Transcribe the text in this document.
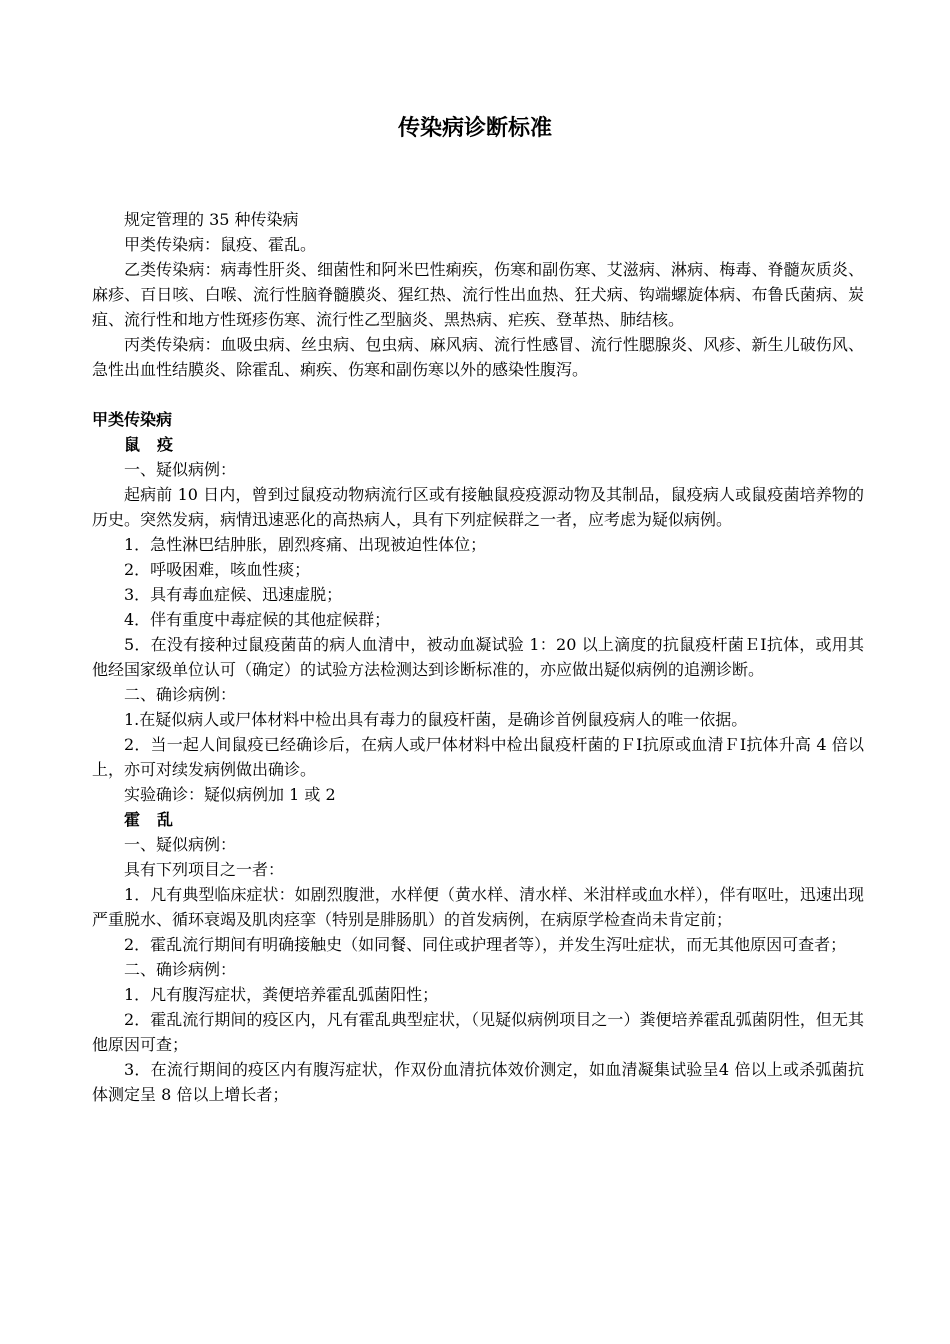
传染病诊断标准

规定管理的 35 种传染病

甲类传染病：鼠疫、霍乱。

乙类传染病：病毒性肝炎、细菌性和阿米巴性痢疾，伤寒和副伤寒、艾滋病、淋病、梅毒、脊髓灰质炎、麻疹、百日咳、白喉、流行性脑脊髓膜炎、猩红热、流行性出血热、狂犬病、钩端螺旋体病、布鲁氏菌病、炭疽、流行性和地方性斑疹伤寒、流行性乙型脑炎、黑热病、疟疾、登革热、肺结核。

丙类传染病：血吸虫病、丝虫病、包虫病、麻风病、流行性感冒、流行性腮腺炎、风疹、新生儿破伤风、急性出血性结膜炎、除霍乱、痢疾、伤寒和副伤寒以外的感染性腹泻。

甲类传染病

鼠　疫

一、疑似病例：

起病前 10 日内，曾到过鼠疫动物病流行区或有接触鼠疫疫源动物及其制品，鼠疫病人或鼠疫菌培养物的历史。突然发病，病情迅速恶化的高热病人，具有下列症候群之一者，应考虑为疑似病例。

1．急性淋巴结肿胀，剧烈疼痛、出现被迫性体位；

2．呼吸困难，咳血性痰；

3．具有毒血症候、迅速虚脱；

4．伴有重度中毒症候的其他症候群；

5．在没有接种过鼠疫菌苗的病人血清中，被动血凝试验 1：20 以上滴度的抗鼠疫杆菌ＥⅠ抗体，或用其他经国家级单位认可（确定）的试验方法检测达到诊断标准的，亦应做出疑似病例的追溯诊断。

二、确诊病例：

1.在疑似病人或尸体材料中检出具有毒力的鼠疫杆菌，是确诊首例鼠疫病人的唯一依据。

2．当一起人间鼠疫已经确诊后，在病人或尸体材料中检出鼠疫杆菌的ＦⅠ抗原或血清ＦⅠ抗体升高 4 倍以上，亦可对续发病例做出确诊。

实验确诊：疑似病例加 1 或 2

霍　乱

一、疑似病例：

具有下列项目之一者：

1．凡有典型临床症状：如剧烈腹泄，水样便（黄水样、清水样、米泔样或血水样），伴有呕吐，迅速出现严重脱水、循环衰竭及肌肉痉挛（特别是腓肠肌）的首发病例，在病原学检查尚未肯定前；

2．霍乱流行期间有明确接触史（如同餐、同住或护理者等），并发生泻吐症状，而无其他原因可查者；

二、确诊病例：

1．凡有腹泻症状，粪便培养霍乱弧菌阳性；

2．霍乱流行期间的疫区内，凡有霍乱典型症状，（见疑似病例项目之一）粪便培养霍乱弧菌阴性，但无其他原因可查；

3．在流行期间的疫区内有腹泻症状，作双份血清抗体效价测定，如血清凝集试验呈4 倍以上或杀弧菌抗体测定呈 8 倍以上增长者；
